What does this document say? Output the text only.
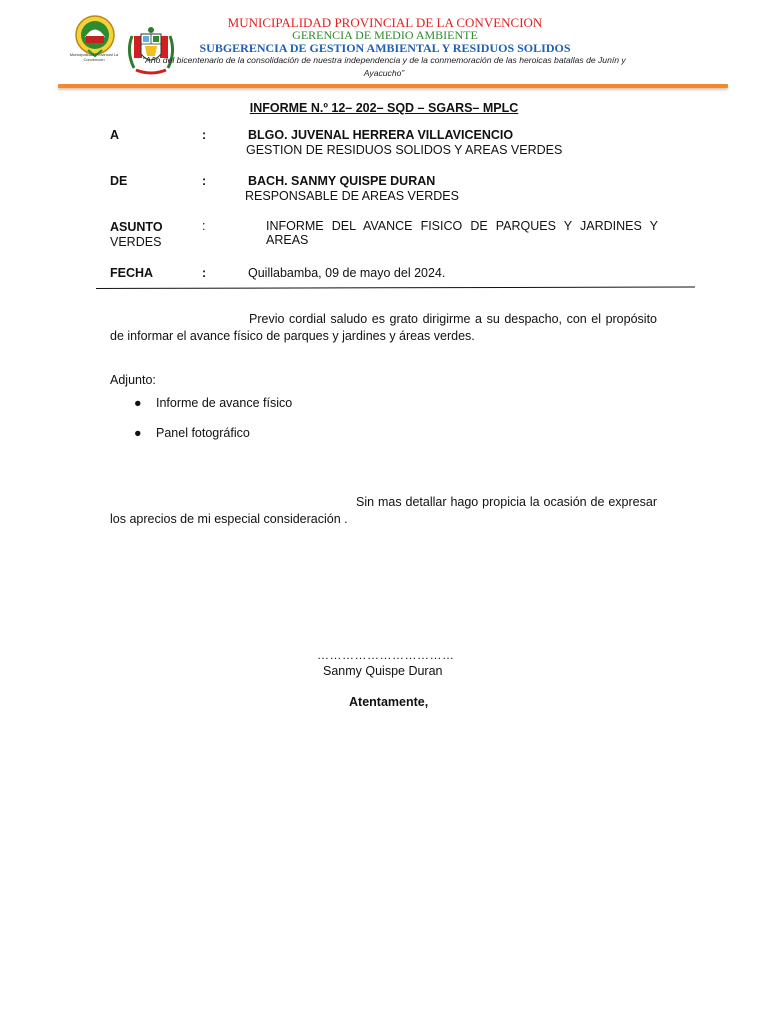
Municipalidad Provincial La Convención
MUNICIPALIDAD PROVINCIAL DE LA CONVENCION
GERENCIA DE MEDIO AMBIENTE
SUBGERENCIA DE GESTION AMBIENTAL Y RESIDUOS SOLIDOS
“Año del bicentenario de la consolidación de nuestra independencia y de la conmemoración de las heroicas batallas de Junín y
Ayacucho”
INFORME N.º 12– 202– SQD – SGARS– MPLC
A	:	BLGO. JUVENAL HERRERA VILLAVICENCIO
GESTION DE RESIDUOS SOLIDOS Y AREAS VERDES
DE	:	BACH. SANMY QUISPE DURAN
RESPONSABLE DE AREAS VERDES
ASUNTO	:	INFORME DEL AVANCE FISICO DE PARQUES Y JARDINES Y AREAS
VERDES
FECHA	:	Quillabamba, 09 de mayo del 2024.
Previo cordial saludo es grato dirigirme a su despacho, con el propósito de informar el avance físico de parques y jardines y áreas verdes.
Adjunto:
● Informe de avance físico
● Panel fotográfico
Sin mas detallar hago propicia la ocasión de expresar los aprecios de mi especial consideración .
……………………………
Sanmy Quispe Duran
Atentamente,
